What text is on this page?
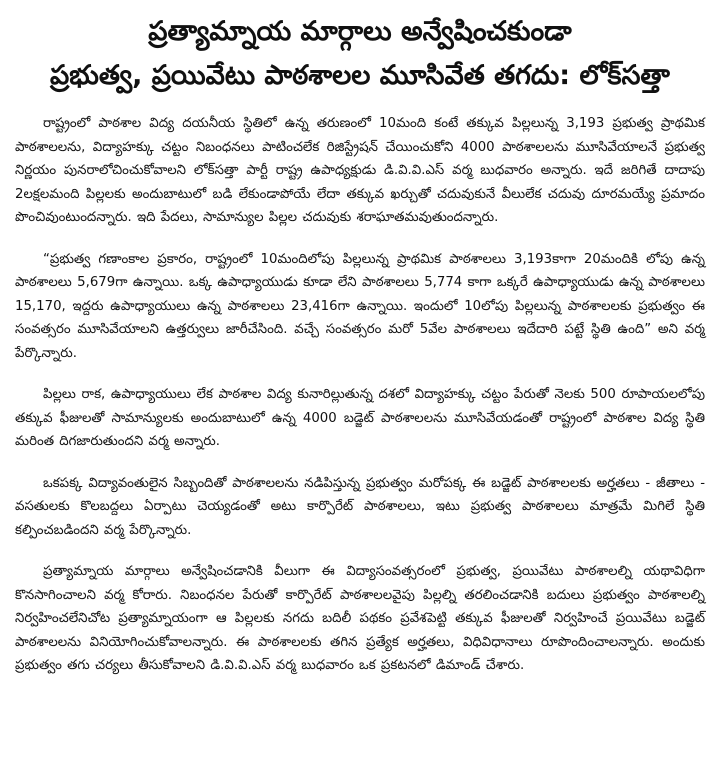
ప్రత్యామ్నాయ మార్గాలు అన్వేషించకుండా
ప్రభుత్వ, ప్రయివేటు పాఠశాలల మూసివేత తగదు: లోక్‌సత్తా

రాష్ట్రంలో పాఠశాల విద్య దయనీయ స్థితిలో ఉన్న తరుణంలో 10మంది కంటే తక్కువ పిల్లలున్న 3,193 ప్రభుత్వ ప్రాథమిక పాఠశాలలను, విద్యాహక్కు చట్టం నిబంధనలు పాటించలేక రిజిస్ట్రేషన్ చేయించుకోని 4000 పాఠశాలలను మూసివేయాలనే ప్రభుత్వ నిర్ణయం పునరాలోచించుకోవాలని లోక్‌సత్తా పార్టీ రాష్ట్ర ఉపాధ్యక్షుడు డి.వి.వి.ఎస్ వర్మ బుధవారం అన్నారు. ఇదే జరిగితే దాదాపు 2లక్షలమంది పిల్లలకు అందుబాటులో బడి లేకుండాపోయే లేదా తక్కువ ఖర్చుతో చదువుకునే వీలులేక చదువు దూరమయ్యే ప్రమాదం పొంచివుంటుందన్నారు. ఇది పేదలు, సామాన్యుల పిల్లల చదువుకు శరాఘాతమవుతుందన్నారు.

“ప్రభుత్వ గణాంకాల ప్రకారం, రాష్ట్రంలో 10మందిలోపు పిల్లలున్న ప్రాథమిక పాఠశాలలు 3,193కాగా 20మందికి లోపు ఉన్న పాఠశాలలు 5,679గా ఉన్నాయి. ఒక్క ఉపాధ్యాయుడు కూడా లేని పాఠశాలలు 5,774 కాగా ఒక్కరే ఉపాధ్యాయుడు ఉన్న పాఠశాలలు 15,170, ఇద్దరు ఉపాధ్యాయులు ఉన్న పాఠశాలలు 23,416గా ఉన్నాయి. ఇందులో 10లోపు పిల్లలున్న పాఠశాలలకు ప్రభుత్వం ఈ సంవత్సరం మూసివేయాలని ఉత్తర్వులు జారీచేసింది. వచ్చే సంవత్సరం మరో 5వేల పాఠశాలలు ఇదేదారి పట్టే స్థితి ఉంది” అని వర్మ పేర్కొన్నారు.

పిల్లలు రాక, ఉపాధ్యాయులు లేక పాఠశాల విద్య కునారిల్లుతున్న దశలో విద్యాహక్కు చట్టం పేరుతో నెలకు 500 రూపాయలలోపు తక్కువ ఫీజులతో సామాన్యులకు అందుబాటులో ఉన్న 4000 బడ్జెట్ పాఠశాలలను మూసివేయడంతో రాష్ట్రంలో పాఠశాల విద్య స్థితి మరింత దిగజారుతుందని వర్మ అన్నారు.

ఒకపక్క విద్యావంతులైన సిబ్బందితో పాఠశాలలను నడిపిస్తున్న ప్రభుత్వం మరోపక్క ఈ బడ్జెట్ పాఠశాలలకు అర్హతలు - జీతాలు - వసతులకు కొలబద్దలు ఏర్పాటు చెయ్యడంతో అటు కార్పొరేట్ పాఠశాలలు, ఇటు ప్రభుత్వ పాఠశాలలు మాత్రమే మిగిలే స్థితి కల్పించబడిందని వర్మ పేర్కొన్నారు.

ప్రత్యామ్నాయ మార్గాలు అన్వేషించడానికి వీలుగా ఈ విద్యాసంవత్సరంలో ప్రభుత్వ, ప్రయివేటు పాఠశాలల్ని యథావిధిగా కొనసాగించాలని వర్మ కోరారు. నిబంధనల పేరుతో కార్పొరేట్ పాఠశాలలవైపు పిల్లల్ని తరలించడానికి బదులు ప్రభుత్వం పాఠశాలల్ని నిర్వహించలేనిచోట ప్రత్యామ్నాయంగా ఆ పిల్లలకు నగదు బదిలీ పథకం ప్రవేశపెట్టి తక్కువ ఫీజులతో నిర్వహించే ప్రయివేటు బడ్జెట్ పాఠశాలలను వినియోగించుకోవాలన్నారు. ఈ పాఠశాలలకు తగిన ప్రత్యేక అర్హతలు, విధివిధానాలు రూపొందించాలన్నారు. అందుకు ప్రభుత్వం తగు చర్యలు తీసుకోవాలని డి.వి.వి.ఎస్ వర్మ బుధవారం ఒక ప్రకటనలో డిమాండ్ చేశారు.
